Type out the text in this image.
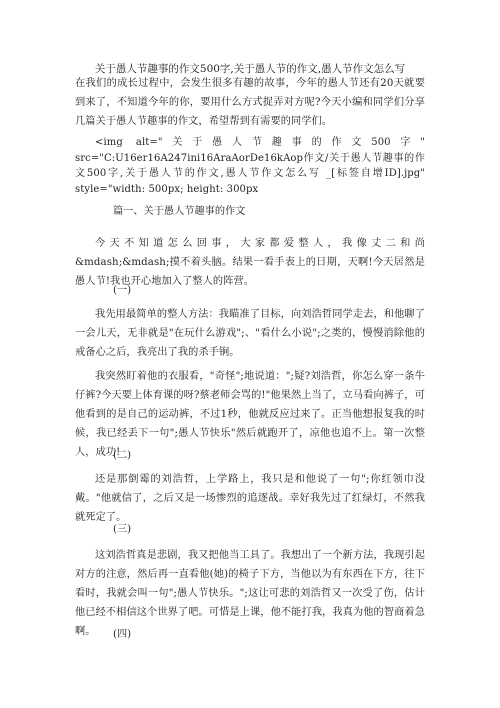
关于愚人节趣事的作文500字,关于愚人节的作文,愚人节作文怎么写

在我们的成长过程中，会发生很多有趣的故事，今年的愚人节还有20天就要到来了，不知道今年的你，要用什么方式捉弄对方呢?今天小编和同学们分享几篇关于愚人节趣事的作文，希望帮到有需要的同学们。

<img alt="关于愚人节趣事的作文500字" src="C:U16er16A247ini16AraAorDe16kAop作文/关于愚人节趣事的作文500字,关于愚人节的作文,愚人节作文怎么写 _[标签自增ID].jpg" style="width: 500px; height: 300px

篇一、关于愚人节趣事的作文

今天不知道怎么回事，大家都爱整人，我像丈二和尚&mdash;&mdash;摸不着头脑。结果一看手表上的日期，天啊!今天居然是愚人节!我也开心地加入了整人的阵营。

(一)

我先用最简单的整人方法：我瞄准了目标，向刘浩哲同学走去，和他聊了一会儿天，无非就是"在玩什么游戏";、"看什么小说";之类的，慢慢消除他的戒备心之后，我亮出了我的杀手锏。

我突然盯着他的衣服看，"奇怪";地说道：";疑?刘浩哲，你怎么穿一条牛仔裤?今天要上体育课的呀?蔡老师会骂的!"他果然上当了，立马看向裤子，可他看到的是自己的运动裤，不过1秒，他就反应过来了。正当他想报复我的时候，我已经丢下一句";愚人节快乐"然后就跑开了，凉他也追不上。第一次整人，成功!

(二)

还是那倒霉的刘浩哲，上学路上，我只是和他说了一句";你红领巾没戴。"他就信了，之后又是一场惨烈的追逐战。幸好我先过了红绿灯，不然我就死定了。

(三)

这刘浩哲真是悲剧，我又把他当工具了。我想出了一个新方法，我现引起对方的注意，然后再一直看他(她)的椅子下方，当他以为有东西在下方，往下看时，我就会叫一句";愚人节快乐。";这让可悲的刘浩哲又一次受了伤，估计他已经不相信这个世界了吧。可惜是上课，他不能打我，我真为他的智商着急啊。	(四)
